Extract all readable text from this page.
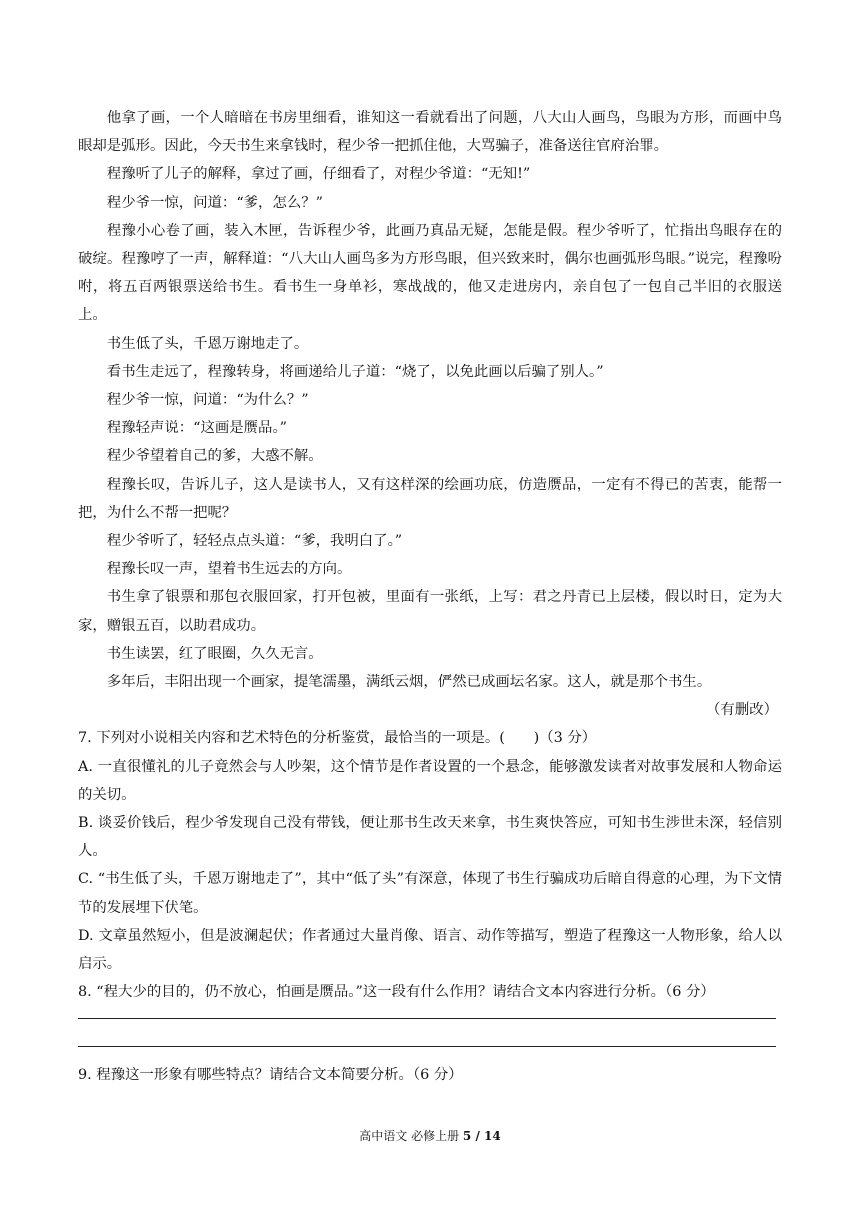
他拿了画，一个人暗暗在书房里细看，谁知这一看就看出了问题，八大山人画鸟，鸟眼为方形，而画中鸟眼却是弧形。因此，今天书生来拿钱时，程少爷一把抓住他，大骂骗子，准备送往官府治罪。

程豫听了儿子的解释，拿过了画，仔细看了，对程少爷道：“无知!”

程少爷一惊，问道：“爹，怎么？”

程豫小心卷了画，装入木匣，告诉程少爷，此画乃真品无疑，怎能是假。程少爷听了，忙指出鸟眼存在的破绽。程豫哼了一声，解释道：“八大山人画鸟多为方形鸟眼，但兴致来时，偶尔也画弧形鸟眼。”说完，程豫吩咐，将五百两银票送给书生。看书生一身单衫，寒战战的，他又走进房内，亲自包了一包自己半旧的衣服送上。

书生低了头，千恩万谢地走了。

看书生走远了，程豫转身，将画递给儿子道：“烧了，以免此画以后骗了别人。”

程少爷一惊，问道：“为什么？”

程豫轻声说：“这画是赝品。”

程少爷望着自己的爹，大惑不解。

程豫长叹，告诉儿子，这人是读书人，又有这样深的绘画功底，仿造赝品，一定有不得已的苦衷，能帮一把，为什么不帮一把呢？

程少爷听了，轻轻点点头道：“爹，我明白了。”

程豫长叹一声，望着书生远去的方向。

书生拿了银票和那包衣服回家，打开包被，里面有一张纸，上写：君之丹青已上层楼，假以时日，定为大家，赠银五百，以助君成功。

书生读罢，红了眼圈，久久无言。

多年后，丰阳出现一个画家，提笔濡墨，满纸云烟，俨然已成画坛名家。这人，就是那个书生。

（有删改）

7. 下列对小说相关内容和艺术特色的分析鉴赏，最恰当的一项是。(　　)（3 分）

A. 一直很懂礼的儿子竟然会与人吵架，这个情节是作者设置的一个悬念，能够激发读者对故事发展和人物命运的关切。

B. 谈妥价钱后，程少爷发现自己没有带钱，便让那书生改天来拿，书生爽快答应，可知书生涉世未深，轻信别人。

C. “书生低了头，千恩万谢地走了”，其中“低了头”有深意，体现了书生行骗成功后暗自得意的心理，为下文情节的发展埋下伏笔。

D. 文章虽然短小，但是波澜起伏；作者通过大量肖像、语言、动作等描写，塑造了程豫这一人物形象，给人以启示。

8. “程大少的目的，仍不放心，怕画是赝品。”这一段有什么作用？请结合文本内容进行分析。（6 分）

9. 程豫这一形象有哪些特点？请结合文本简要分析。（6 分）

高中语文 必修上册 5 / 14
